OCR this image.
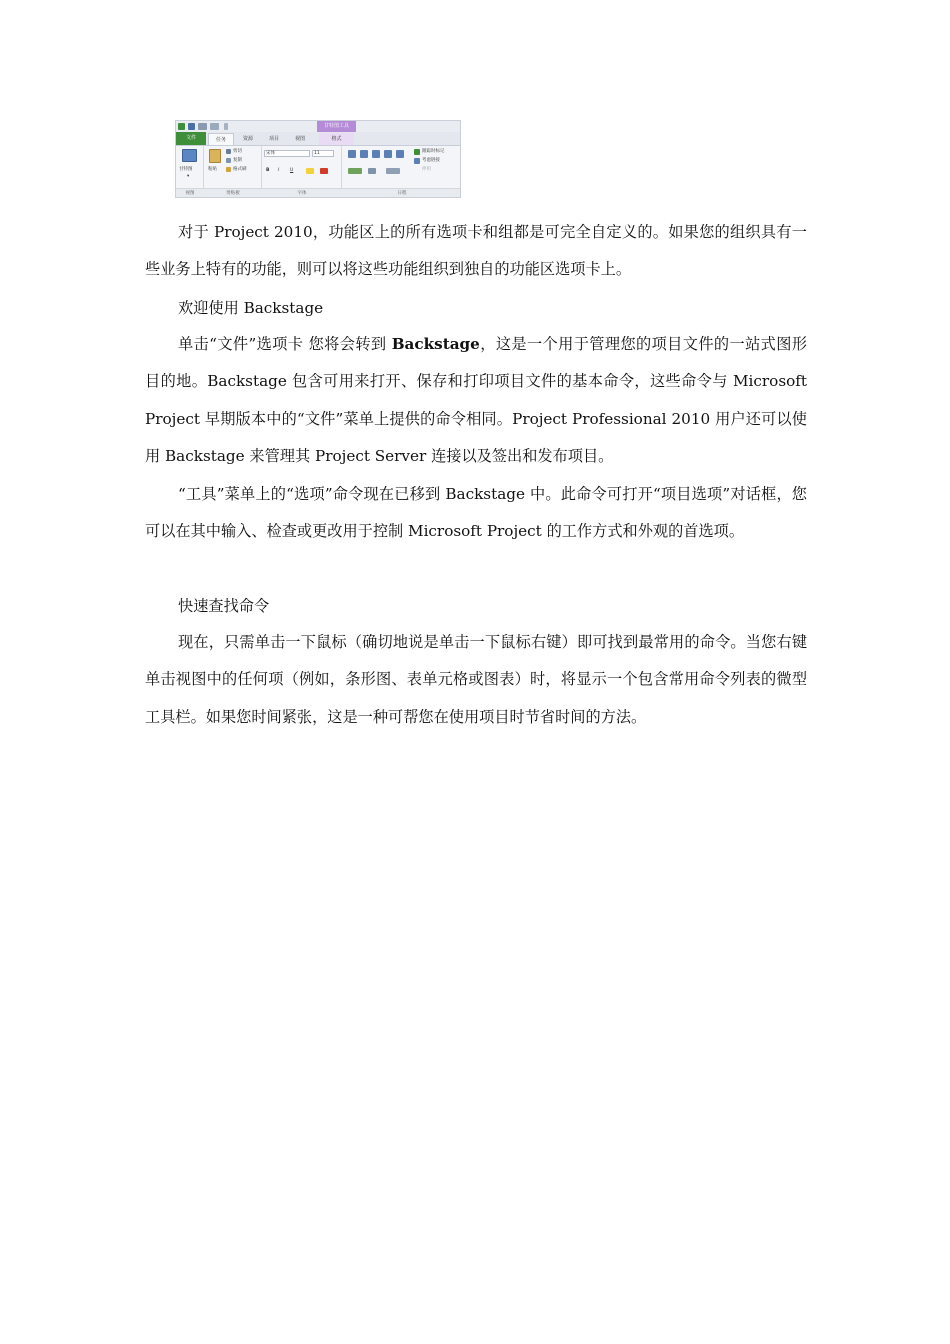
甘特图工具
文件	任务	资源	项目	视图	格式
甘特图
▾
粘贴
剪切
复制
格式刷
宋体	11
B I U
跟踪时标记
考虑链接
停用
视图	剪贴板	字体	日程

对于 Project 2010，功能区上的所有选项卡和组都是可完全自定义的。如果您的组织具有一些业务上特有的功能，则可以将这些功能组织到独自的功能区选项卡上。

欢迎使用 Backstage

单击“文件”选项卡 您将会转到 Backstage，这是一个用于管理您的项目文件的一站式图形目的地。Backstage 包含可用来打开、保存和打印项目文件的基本命令，这些命令与 Microsoft Project 早期版本中的“文件”菜单上提供的命令相同。Project Professional 2010 用户还可以使用 Backstage 来管理其 Project Server 连接以及签出和发布项目。

“工具”菜单上的“选项”命令现在已移到 Backstage 中。此命令可打开“项目选项”对话框，您可以在其中输入、检查或更改用于控制 Microsoft Project 的工作方式和外观的首选项。

快速查找命令

现在，只需单击一下鼠标（确切地说是单击一下鼠标右键）即可找到最常用的命令。当您右键单击视图中的任何项（例如，条形图、表单元格或图表）时，将显示一个包含常用命令列表的微型工具栏。如果您时间紧张，这是一种可帮您在使用项目时节省时间的方法。
